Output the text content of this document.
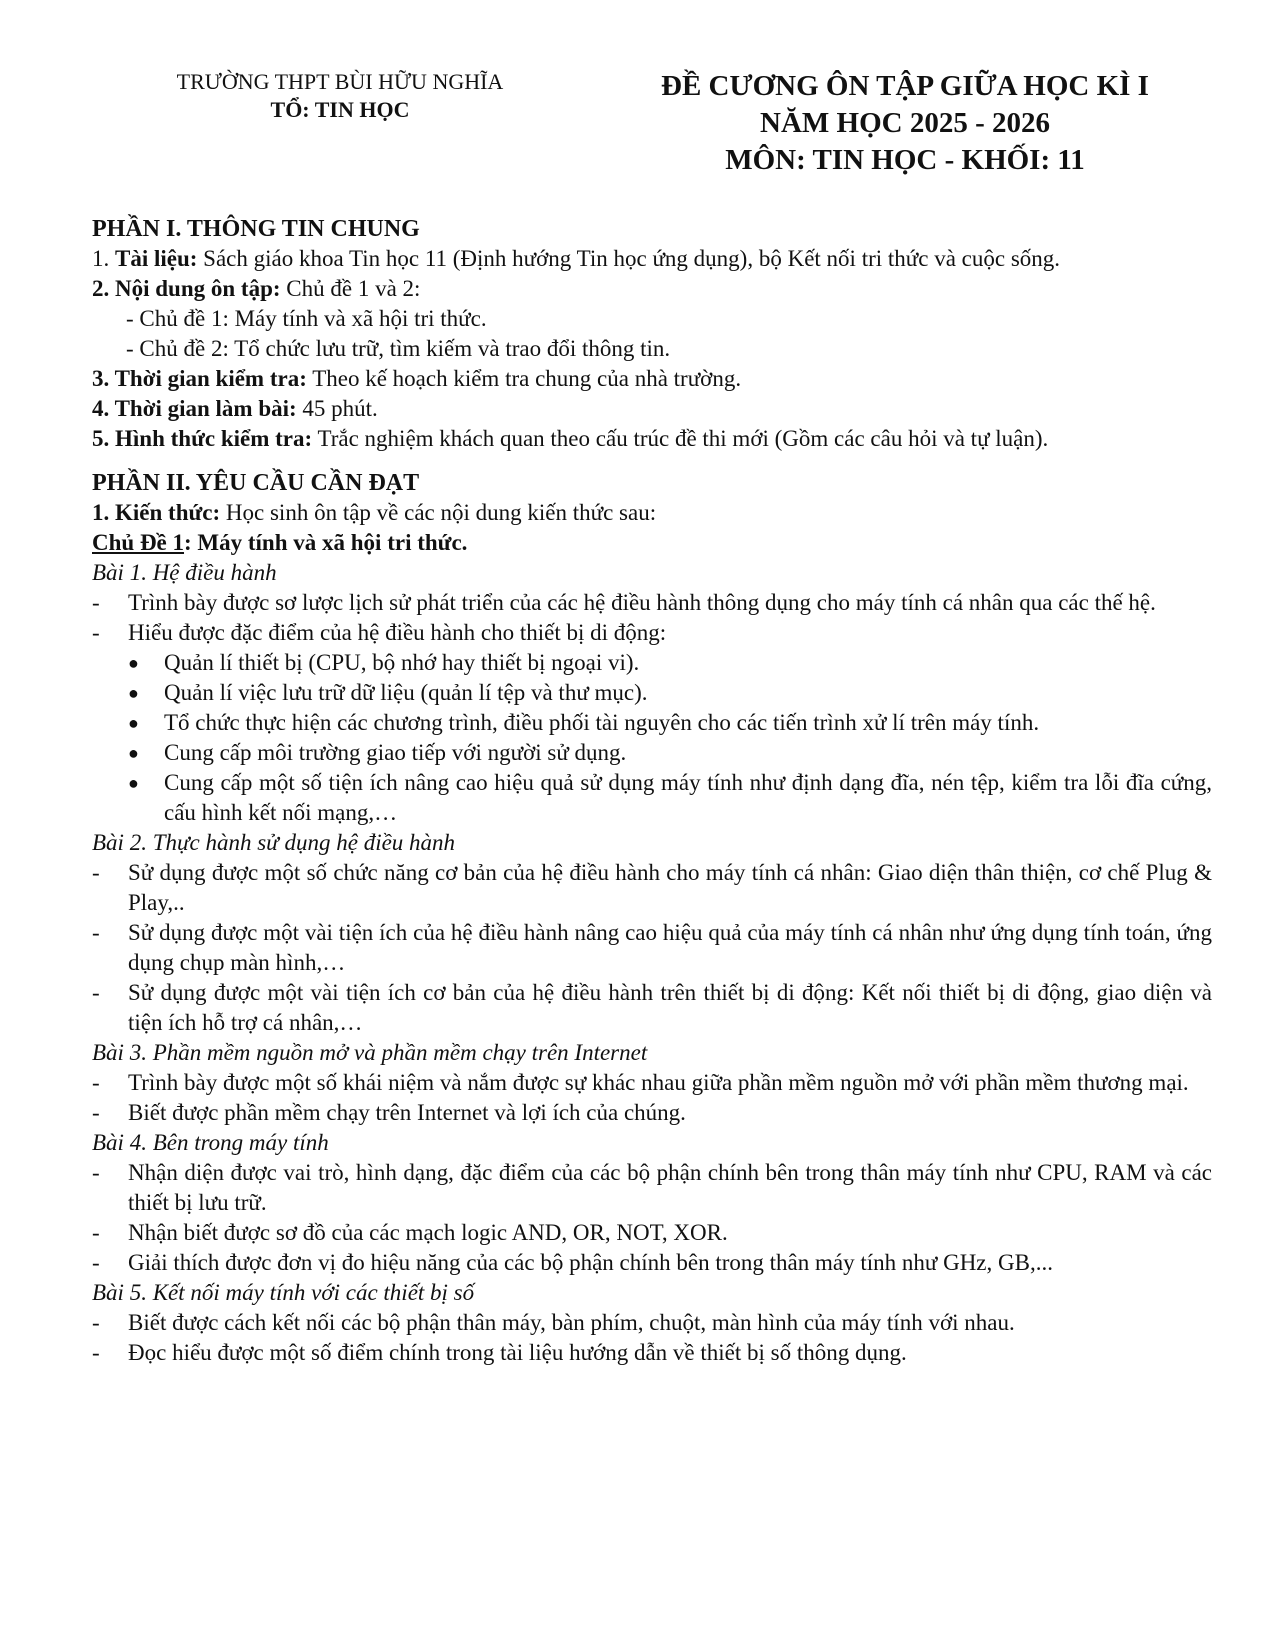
TRƯỜNG THPT BÙI HỮU NGHĨA
TỔ: TIN HỌC
ĐỀ CƯƠNG ÔN TẬP GIỮA HỌC KÌ I
NĂM HỌC 2025 - 2026
MÔN: TIN HỌC - KHỐI: 11
PHẦN I. THÔNG TIN CHUNG
1. Tài liệu: Sách giáo khoa Tin học 11 (Định hướng Tin học ứng dụng), bộ Kết nối tri thức và cuộc sống.
2. Nội dung ôn tập: Chủ đề 1 và 2:
- Chủ đề 1: Máy tính và xã hội tri thức.
- Chủ đề 2: Tổ chức lưu trữ, tìm kiếm và trao đổi thông tin.
3. Thời gian kiểm tra: Theo kế hoạch kiểm tra chung của nhà trường.
4. Thời gian làm bài: 45 phút.
5. Hình thức kiểm tra: Trắc nghiệm khách quan theo cấu trúc đề thi mới (Gồm các câu hỏi và tự luận).
PHẦN II. YÊU CẦU CẦN ĐẠT
1. Kiến thức: Học sinh ôn tập về các nội dung kiến thức sau:
Chủ Đề 1: Máy tính và xã hội tri thức.
Bài 1. Hệ điều hành
- Trình bày được sơ lược lịch sử phát triển của các hệ điều hành thông dụng cho máy tính cá nhân qua các thế hệ.
- Hiểu được đặc điểm của hệ điều hành cho thiết bị di động:
● Quản lí thiết bị (CPU, bộ nhớ hay thiết bị ngoại vi).
● Quản lí việc lưu trữ dữ liệu (quản lí tệp và thư mục).
● Tổ chức thực hiện các chương trình, điều phối tài nguyên cho các tiến trình xử lí trên máy tính.
● Cung cấp môi trường giao tiếp với người sử dụng.
● Cung cấp một số tiện ích nâng cao hiệu quả sử dụng máy tính như định dạng đĩa, nén tệp, kiểm tra lỗi đĩa cứng, cấu hình kết nối mạng,…
Bài 2. Thực hành sử dụng hệ điều hành
- Sử dụng được một số chức năng cơ bản của hệ điều hành cho máy tính cá nhân: Giao diện thân thiện, cơ chế Plug & Play,..
- Sử dụng được một vài tiện ích của hệ điều hành nâng cao hiệu quả của máy tính cá nhân như ứng dụng tính toán, ứng dụng chụp màn hình,…
- Sử dụng được một vài tiện ích cơ bản của hệ điều hành trên thiết bị di động: Kết nối thiết bị di động, giao diện và tiện ích hỗ trợ cá nhân,…
Bài 3. Phần mềm nguồn mở và phần mềm chạy trên Internet
- Trình bày được một số khái niệm và nắm được sự khác nhau giữa phần mềm nguồn mở với phần mềm thương mại.
- Biết được phần mềm chạy trên Internet và lợi ích của chúng.
Bài 4. Bên trong máy tính
- Nhận diện được vai trò, hình dạng, đặc điểm của các bộ phận chính bên trong thân máy tính như CPU, RAM và các thiết bị lưu trữ.
- Nhận biết được sơ đồ của các mạch logic AND, OR, NOT, XOR.
- Giải thích được đơn vị đo hiệu năng của các bộ phận chính bên trong thân máy tính như GHz, GB,...
Bài 5. Kết nối máy tính với các thiết bị số
- Biết được cách kết nối các bộ phận thân máy, bàn phím, chuột, màn hình của máy tính với nhau.
- Đọc hiểu được một số điểm chính trong tài liệu hướng dẫn về thiết bị số thông dụng.
